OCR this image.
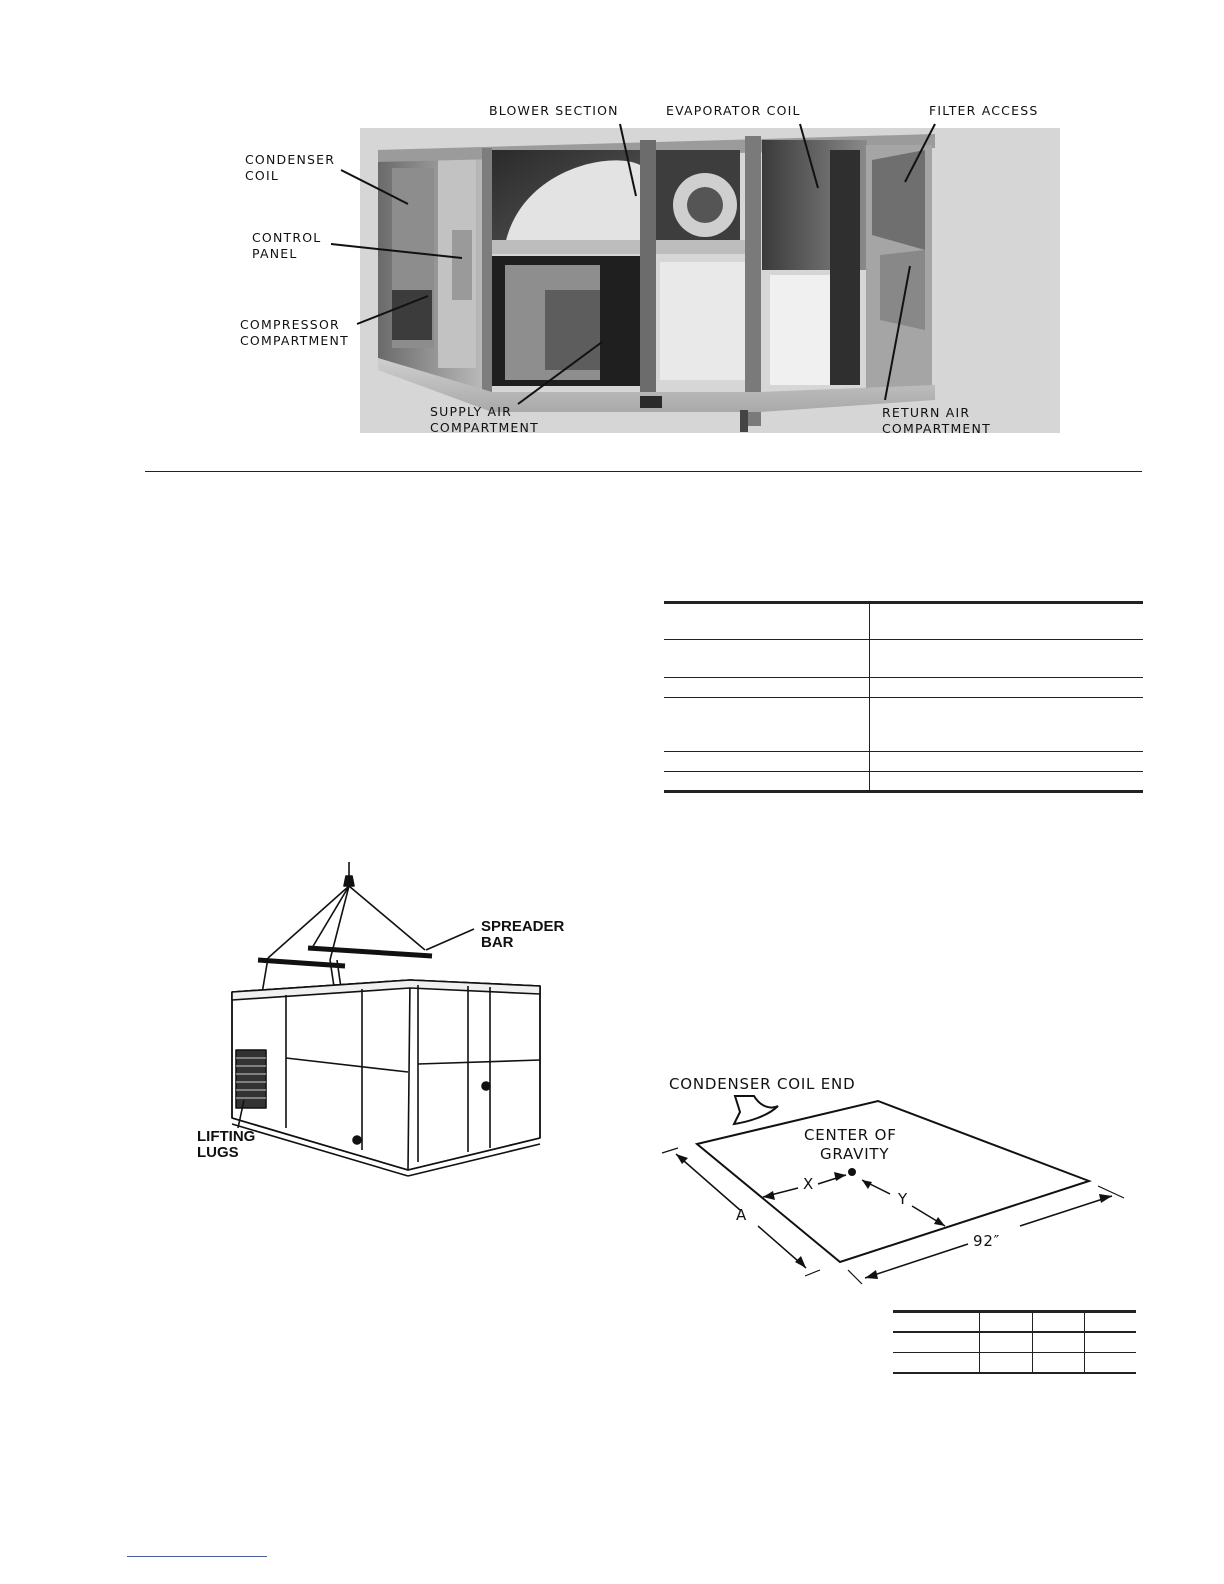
BLOWER SECTION	EVAPORATOR COIL	FILTER ACCESS
CONDENSER
COIL
CONTROL
PANEL
COMPRESSOR
COMPARTMENT
SUPPLY AIR
COMPARTMENT
RETURN AIR
COMPARTMENT
SPREADER
BAR
LIFTING
LUGS
CONDENSER COIL END
CENTER OF
GRAVITY
X
Y
A
92″
